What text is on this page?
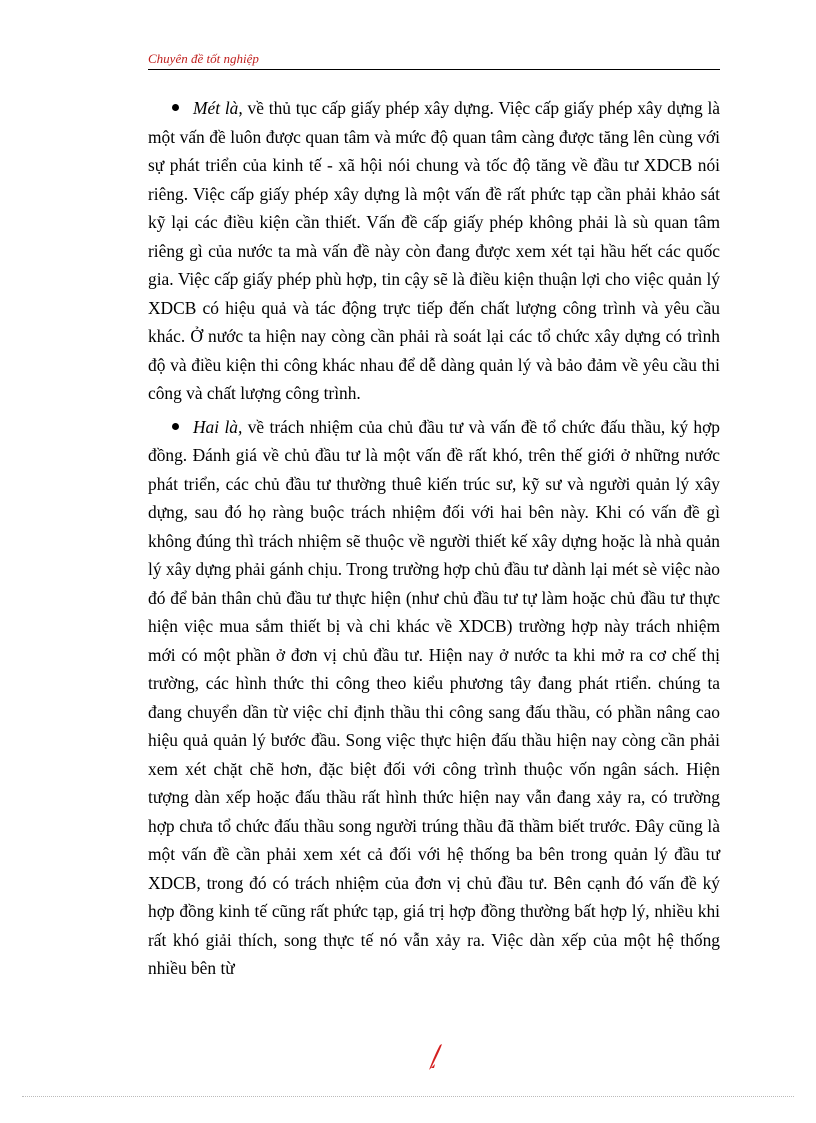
Chuyên đề tốt nghiệp

Mét là, về thủ tục cấp giấy phép xây dựng. Việc cấp giấy phép xây dựng là một vấn đề luôn được quan tâm và mức độ quan tâm càng được tăng lên cùng với sự phát triển của kinh tế - xã hội nói chung và tốc độ tăng về đầu tư XDCB nói riêng. Việc cấp giấy phép xây dựng là một vấn đề rất phức tạp cần phải khảo sát kỹ lại các điều kiện cần thiết. Vấn đề cấp giấy phép không phải là sù quan tâm riêng gì của nước ta mà vấn đề này còn đang được xem xét tại hầu hết các quốc gia. Việc cấp giấy phép phù hợp, tin cậy sẽ là điều kiện thuận lợi cho việc quản lý XDCB có hiệu quả và tác động trực tiếp đến chất lượng công trình và yêu cầu khác. Ở nước ta hiện nay còng cần phải rà soát lại các tổ chức xây dựng có trình độ và điều kiện thi công khác nhau để dễ dàng quản lý và bảo đảm về yêu cầu thi công và chất lượng công trình.

Hai là, về trách nhiệm của chủ đầu tư và vấn đề tổ chức đấu thầu, ký hợp đồng. Đánh giá về chủ đầu tư là một vấn đề rất khó, trên thế giới ở những nước phát triển, các chủ đầu tư thường thuê kiến trúc sư, kỹ sư và người quản lý xây dựng, sau đó họ ràng buộc trách nhiệm đối với hai bên này. Khi có vấn đề gì không đúng thì trách nhiệm sẽ thuộc về người thiết kế xây dựng hoặc là nhà quản lý xây dựng phải gánh chịu. Trong trường hợp chủ đầu tư dành lại mét sè việc nào đó để bản thân chủ đầu tư thực hiện (như chủ đầu tư tự làm hoặc chủ đầu tư thực hiện việc mua sắm thiết bị và chi khác về XDCB) trường hợp này trách nhiệm mới có một phần ở đơn vị chủ đầu tư. Hiện nay ở nước ta khi mở ra cơ chế thị trường, các hình thức thi công theo kiểu phương tây đang phát rtiển. chúng ta đang chuyển dần từ việc chỉ định thầu thi công sang đấu thầu, có phần nâng cao hiệu quả quản lý bước đầu. Song việc thực hiện đấu thầu hiện nay còng cần phải xem xét chặt chẽ hơn, đặc biệt đối với công trình thuộc vốn ngân sách. Hiện tượng dàn xếp hoặc đấu thầu rất hình thức hiện nay vẫn đang xảy ra, có trường hợp chưa tổ chức đấu thầu song người trúng thầu đã thầm biết trước. Đây cũng là một vấn đề cần phải xem xét cả đối với hệ thống ba bên trong quản lý đầu tư XDCB, trong đó có trách nhiệm của đơn vị chủ đầu tư. Bên cạnh đó vấn đề ký hợp đồng kinh tế cũng rất phức tạp, giá trị hợp đồng thường bất hợp lý, nhiều khi rất khó giải thích, song thực tế nó vẫn xảy ra. Việc dàn xếp của một hệ thống nhiều bên từ
